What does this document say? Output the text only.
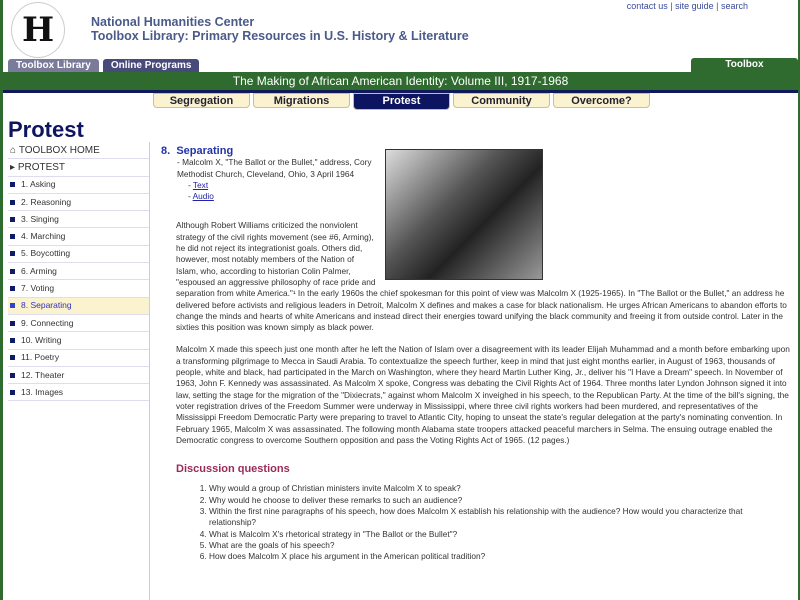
contact us | site guide | search
H	National Humanities Center
Toolbox Library: Primary Resources in U.S. History & Literature
Toolbox Library	Online Programs	Toolbox
The Making of African American Identity: Volume III, 1917-1968
Segregation	Migrations	Protest	Community	Overcome?
Protest
⌂
TOOLBOX HOME
▸
PROTEST
1. Asking
2. Reasoning
3. Singing
4. Marching
5. Boycotting
6. Arming
7. Voting
8. Separating
9. Connecting
10. Writing
11. Poetry
12. Theater
13. Images
8. Separating
- Malcolm X, "The Ballot or the Bullet," address, Cory Methodist Church, Cleveland, Ohio, 3 April 1964
- Text
- Audio

Although Robert Williams criticized the nonviolent strategy of the civil rights movement (see #6, Arming), he did not reject its integrationist goals. Others did, however, most notably members of the Nation of Islam, who, according to historian Colin Palmer, "espoused an aggressive philosophy of race pride and separation from white America."¹ In the early 1960s the chief spokesman for this point of view was Malcolm X (1925-1965). In "The Ballot or the Bullet," an address he delivered before activists and religious leaders in Detroit, Malcolm X defines and makes a case for black nationalism. He urges African Americans to abandon efforts to change the minds and hearts of white Americans and instead direct their energies toward unifying the black community and freeing it from outside control. Later in the sixties this position was known simply as black power.

Malcolm X made this speech just one month after he left the Nation of Islam over a disagreement with its leader Elijah Muhammad and a month before embarking upon a transforming pilgrimage to Mecca in Saudi Arabia. To contextualize the speech further, keep in mind that just eight months earlier, in August of 1963, thousands of people, white and black, had participated in the March on Washington, where they heard Martin Luther King, Jr., deliver his "I Have a Dream" speech. In November of 1963, John F. Kennedy was assassinated. As Malcolm X spoke, Congress was debating the Civil Rights Act of 1964. Three months later Lyndon Johnson signed it into law, setting the stage for the migration of the "Dixiecrats," against whom Malcolm X inveighed in his speech, to the Republican Party. At the time of the bill's signing, the voter registration drives of the Freedom Summer were underway in Mississippi, where three civil rights workers had been murdered, and representatives of the Mississippi Freedom Democratic Party were preparing to travel to Atlantic City, hoping to unseat the state's regular delegation at the party's nominating convention. In February 1965, Malcolm X was assassinated. The following month Alabama state troopers attacked peaceful marchers in Selma. The ensuing outrage enabled the Democratic congress to overcome Southern opposition and pass the Voting Rights Act of 1965. (12 pages.)

Discussion questions
1. Why would a group of Christian ministers invite Malcolm X to speak?
2. Why would he choose to deliver these remarks to such an audience?
3. Within the first nine paragraphs of his speech, how does Malcolm X establish his relationship with the audience? How would you characterize that relationship?
4. What is Malcolm X's rhetorical strategy in "The Ballot or the Bullet"?
5. What are the goals of his speech?
6. How does Malcolm X place his argument in the American political tradition?
